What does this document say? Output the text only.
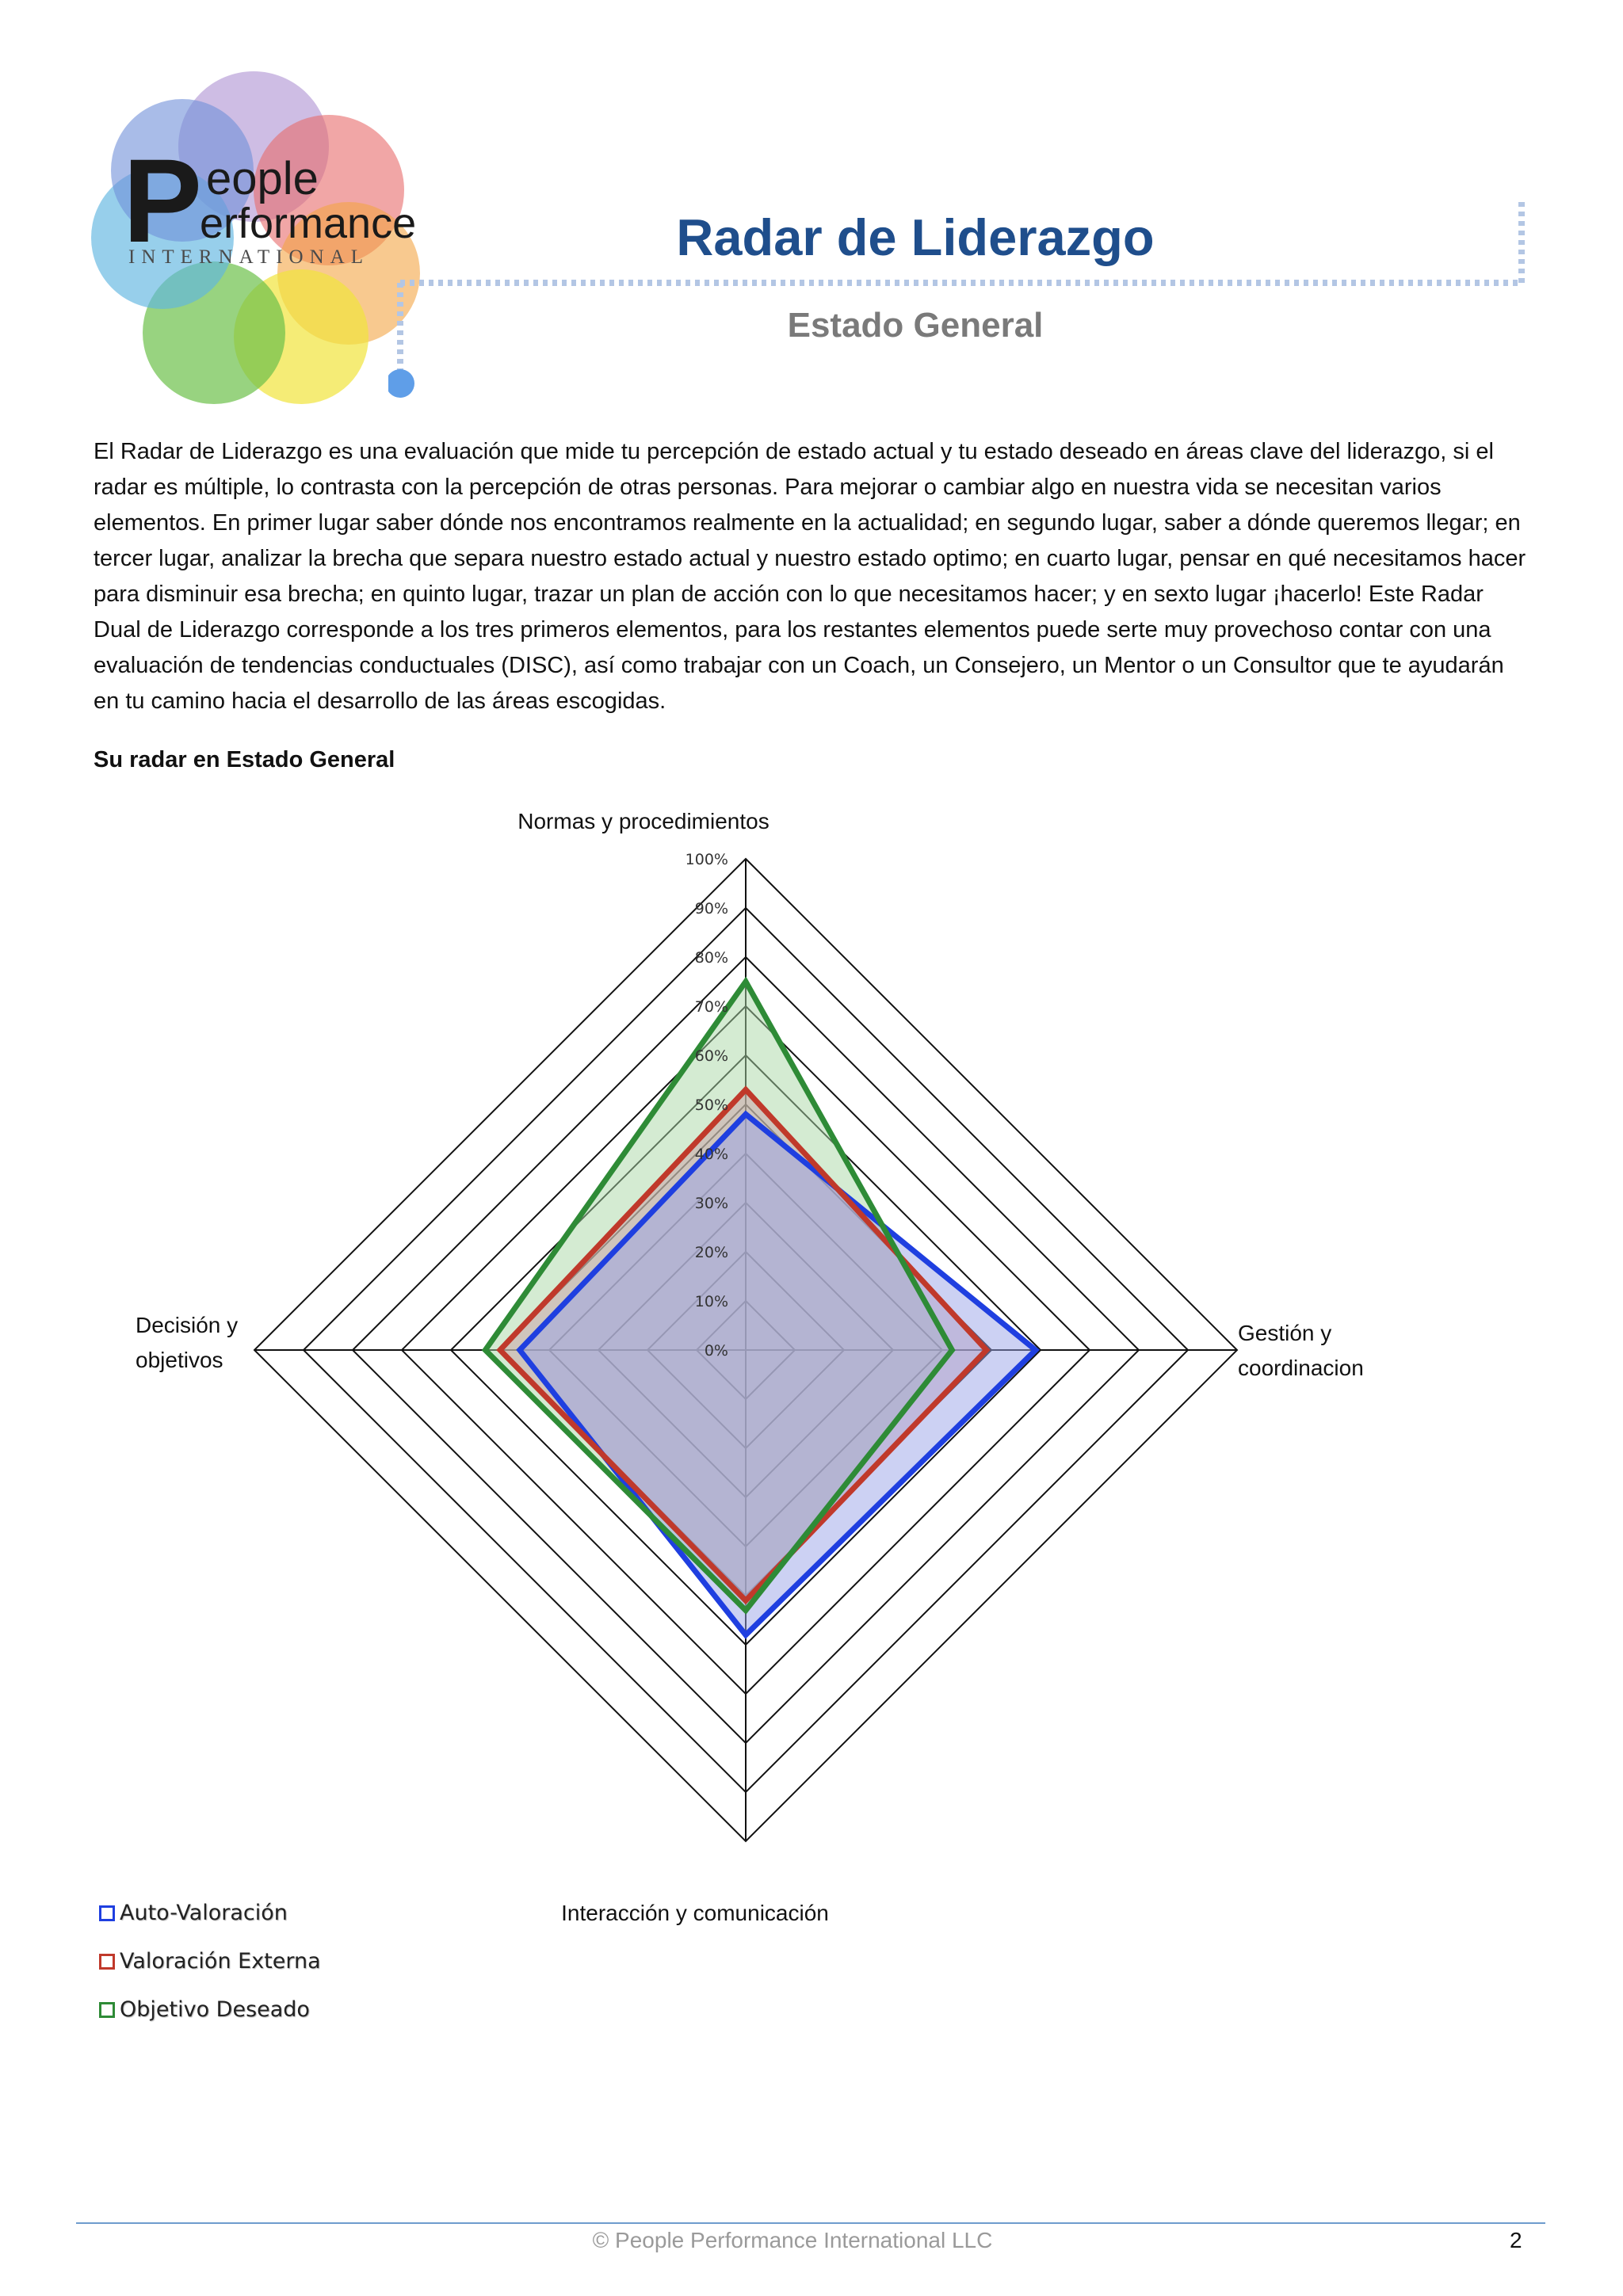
P eople
erformance
INTERNATIONAL	Radar de Liderazgo
Estado General

El Radar de Liderazgo es una evaluación que mide tu percepción de estado actual y tu estado deseado en áreas clave del liderazgo, si el radar es múltiple, lo contrasta con la percepción de otras personas. Para mejorar o cambiar algo en nuestra vida se necesitan varios elementos. En primer lugar saber dónde nos encontramos realmente en la actualidad; en segundo lugar, saber a dónde queremos llegar; en tercer lugar, analizar la brecha que separa nuestro estado actual y nuestro estado optimo; en cuarto lugar, pensar en qué necesitamos hacer para disminuir esa brecha; en quinto lugar, trazar un plan de acción con lo que necesitamos hacer; y en sexto lugar ¡hacerlo! Este Radar Dual de Liderazgo corresponde a los tres primeros elementos, para los restantes elementos puede serte muy provechoso contar con una evaluación de tendencias conductuales (DISC), así como trabajar con un Coach, un Consejero, un Mentor o un Consultor que te ayudarán en tu camino hacia el desarrollo de las áreas escogidas.

Su radar en Estado General

0%
10%
20%
30%
40%
50%
60%
70%
80%
90%
100%
Normas y procedimientos
Gestión y
coordinacion
Interacción y comunicación
Decisión y
objetivos
Auto-Valoración
Valoración Externa
Objetivo Deseado

© People Performance International LLC	2
